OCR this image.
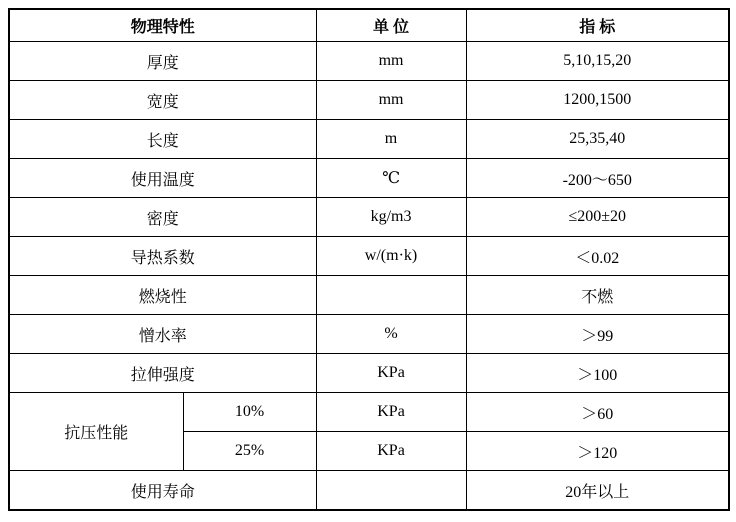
物理特性		单 位	指 标
厚度		mm	5,10,15,20
宽度		mm	1200,1500
长度		m	25,35,40
使用温度		℃	-200～650
密度		kg/m3	≤200±20
导热系数		w/(m·k)	＜0.02
燃烧性			不燃
憎水率		%	＞99
拉伸强度		KPa	＞100
抗压性能	10%	KPa	＞60
	25%	KPa	＞120
使用寿命			20年以上
